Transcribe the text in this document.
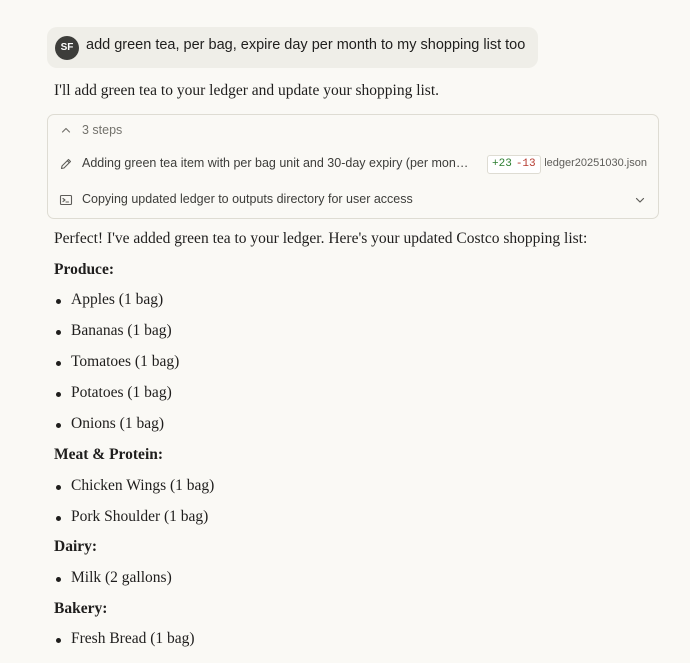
SF add green tea, per bag, expire day per month to my shopping list too
I'll add green tea to your ledger and update your shopping list.
3 steps
Adding green tea item with per bag unit and 30-day expiry (per mon…	+23 -13 ledger20251030.json
Copying updated ledger to outputs directory for user access
Perfect! I've added green tea to your ledger. Here's your updated Costco shopping list:
Produce:
Apples (1 bag)
Bananas (1 bag)
Tomatoes (1 bag)
Potatoes (1 bag)
Onions (1 bag)
Meat & Protein:
Chicken Wings (1 bag)
Pork Shoulder (1 bag)
Dairy:
Milk (2 gallons)
Bakery:
Fresh Bread (1 bag)
